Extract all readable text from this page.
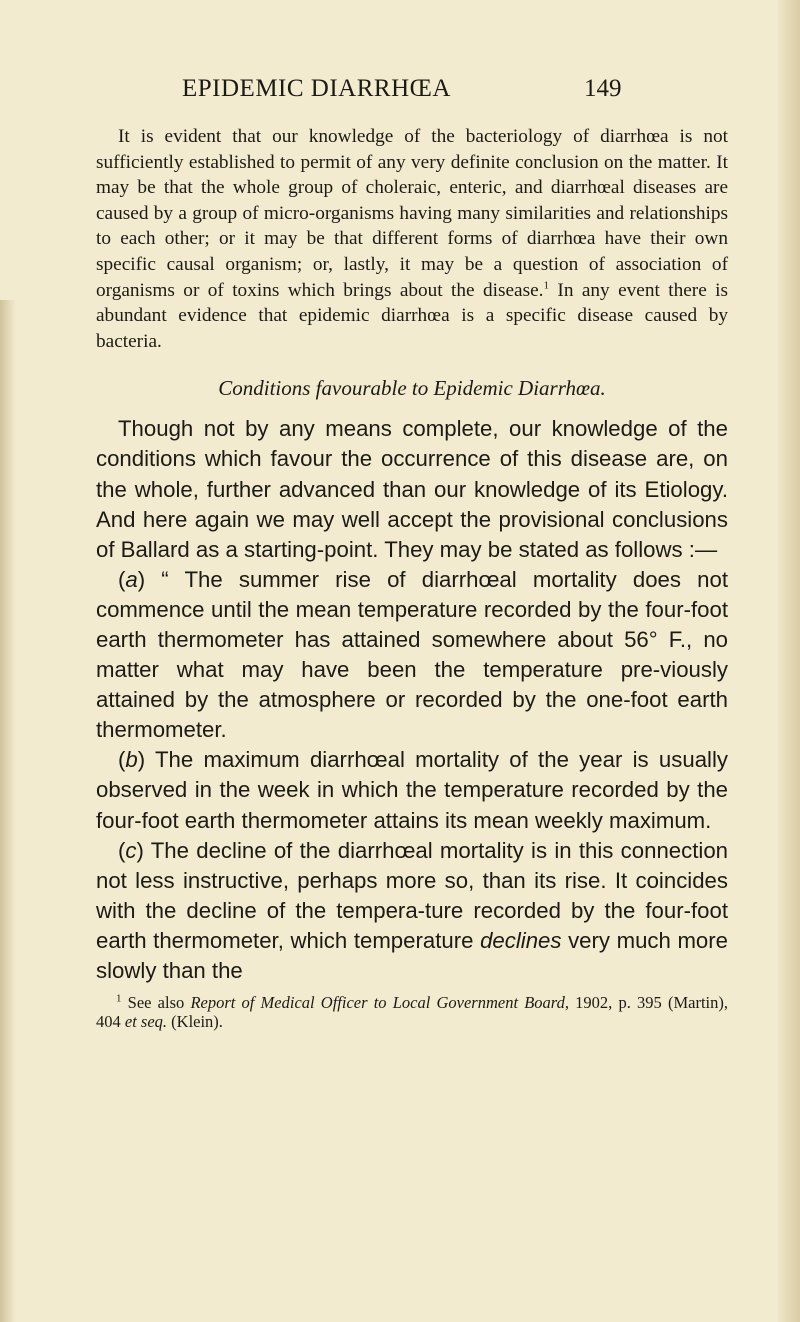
EPIDEMIC DIARRHŒA	149

It is evident that our knowledge of the bacteriology of diarrhœa is not sufficiently established to permit of any very definite conclusion on the matter. It may be that the whole group of choleraic, enteric, and diarrhœal diseases are caused by a group of micro-organisms having many similarities and relationships to each other; or it may be that different forms of diarrhœa have their own specific causal organism; or, lastly, it may be a question of association of organisms or of toxins which brings about the disease.$^1$ In any event there is abundant evidence that epidemic diarrhœa is a specific disease caused by bacteria.

Conditions favourable to Epidemic Diarrhœa.

Though not by any means complete, our knowledge of the conditions which favour the occurrence of this disease are, on the whole, further advanced than our knowledge of its Etiology. And here again we may well accept the provisional conclusions of Ballard as a starting-point. They may be stated as follows :—

(a) “ The summer rise of diarrhœal mortality does not commence until the mean temperature recorded by the four-foot earth thermometer has attained somewhere about 56° F., no matter what may have been the temperature pre-viously attained by the atmosphere or recorded by the one-foot earth thermometer.

(b) The maximum diarrhœal mortality of the year is usually observed in the week in which the temperature recorded by the four-foot earth thermometer attains its mean weekly maximum.

(c) The decline of the diarrhœal mortality is in this connection not less instructive, perhaps more so, than its rise. It coincides with the decline of the tempera-ture recorded by the four-foot earth thermometer, which temperature declines very much more slowly than the

$^1$ See also Report of Medical Officer to Local Government Board, 1902, p. 395 (Martin), 404 et seq. (Klein).
